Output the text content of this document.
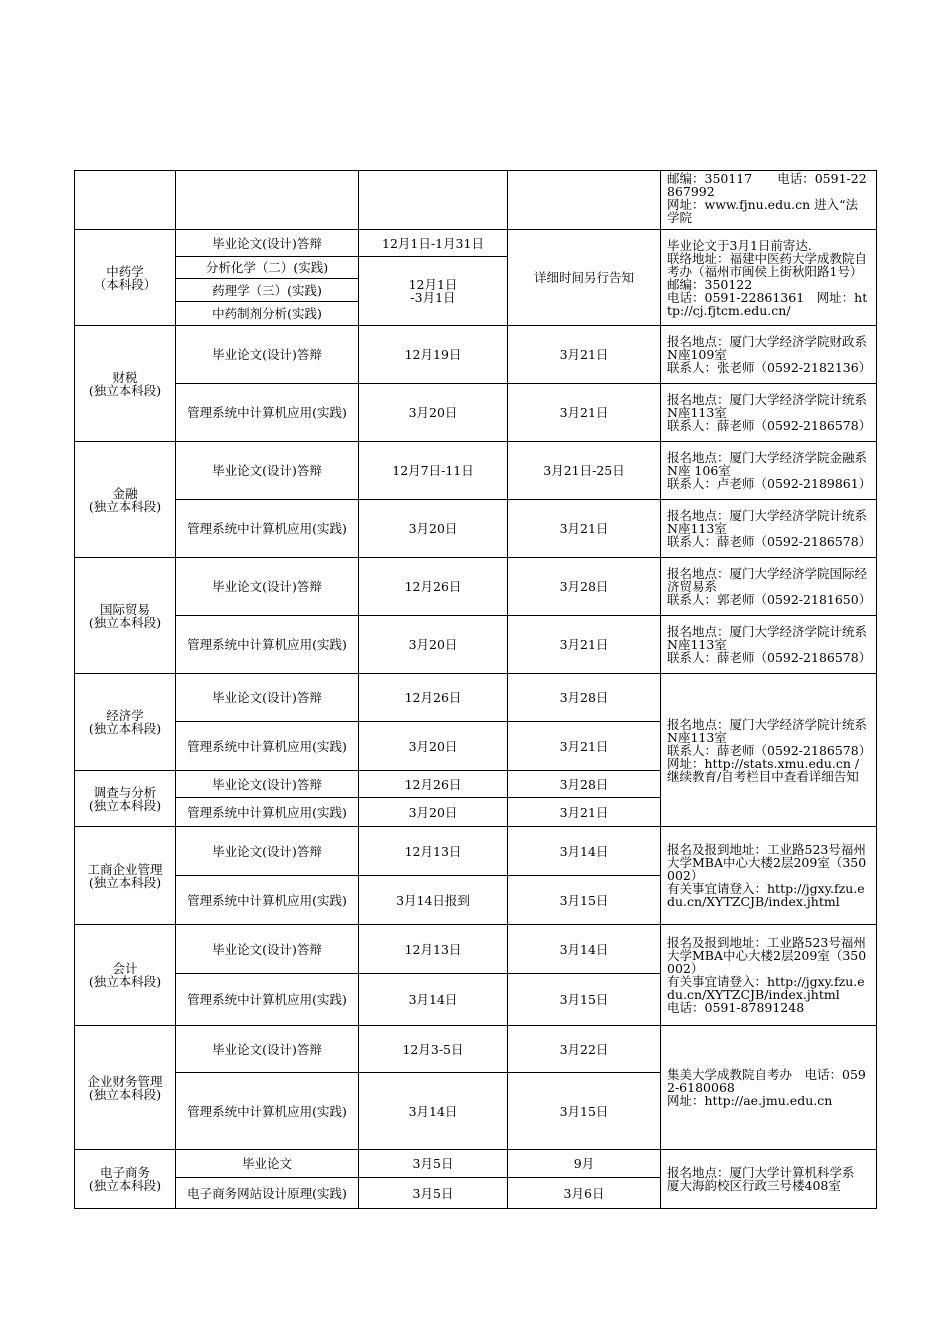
				邮编：350117　　电话：0591-22867992
网址：www.fjnu.edu.cn 进入“法学院

中药学
（本科段）	毕业论文(设计)答辩	12月1日-1月31日	详细时间另行告知	毕业论文于3月1日前寄达.
联络地址：福建中医药大学成教院自考办（福州市闽侯上街秋阳路1号）邮编：350122
电话：0591-22861361　网址：http://cj.fjtcm.edu.cn/

	分析化学（二）(实践)	12月1日
-3月1日		

	药理学（三）(实践)			
	中药制剂分析(实践)			

财税
(独立本科段)	毕业论文(设计)答辩	12月19日	3月21日	报名地点：厦门大学经济学院财政系N座109室
联系人：张老师（0592-2182136）

	管理系统中计算机应用(实践)	3月20日	3月21日	报名地点：厦门大学经济学院计统系N座113室
联系人：薛老师（0592-2186578）

金融
(独立本科段)	毕业论文(设计)答辩	12月7日-11日	3月21日-25日	报名地点：厦门大学经济学院金融系N座 106室
联系人：卢老师（0592-2189861）

	管理系统中计算机应用(实践)	3月20日	3月21日	报名地点：厦门大学经济学院计统系N座113室
联系人：薛老师（0592-2186578）

国际贸易
(独立本科段)	毕业论文(设计)答辩	12月26日	3月28日	报名地点：厦门大学经济学院国际经济贸易系
联系人：郭老师（0592-2181650）

	管理系统中计算机应用(实践)	3月20日	3月21日	报名地点：厦门大学经济学院计统系N座113室
联系人：薛老师（0592-2186578）

经济学
(独立本科段)	毕业论文(设计)答辩	12月26日	3月28日	报名地点：厦门大学经济学院计统系N座113室
联系人：薛老师（0592-2186578）
网址：http://stats.xmu.edu.cn /继续教育/自考栏目中查看详细告知

	管理系统中计算机应用(实践)	3月20日	3月21日	

调查与分析
(独立本科段)	毕业论文(设计)答辩	12月26日	3月28日	
	管理系统中计算机应用(实践)	3月20日	3月21日	

工商企业管理
(独立本科段)	毕业论文(设计)答辩	12月13日	3月14日	报名及报到地址：工业路523号福州大学MBA中心大楼2层209室（350002）
有关事宜请登入：http://jgxy.fzu.edu.cn/XYTZCJB/index.jhtml

	管理系统中计算机应用(实践)	3月14日报到	3月15日	

会计
(独立本科段)	毕业论文(设计)答辩	12月13日	3月14日	报名及报到地址：工业路523号福州大学MBA中心大楼2层209室（350002）
有关事宜请登入：http://jgxy.fzu.edu.cn/XYTZCJB/index.jhtml
电话：0591-87891248

	管理系统中计算机应用(实践)	3月14日	3月15日	

企业财务管理
(独立本科段)	毕业论文(设计)答辩	12月3-5日	3月22日	集美大学成教院自考办　电话：0592-6180068
网址：http://ae.jmu.edu.cn

	管理系统中计算机应用(实践)	3月14日	3月15日	

电子商务
(独立本科段)	毕业论文	3月5日	9月	报名地点：厦门大学计算机科学系
厦大海韵校区行政三号楼408室

	电子商务网站设计原理(实践)	3月5日	3月6日	
